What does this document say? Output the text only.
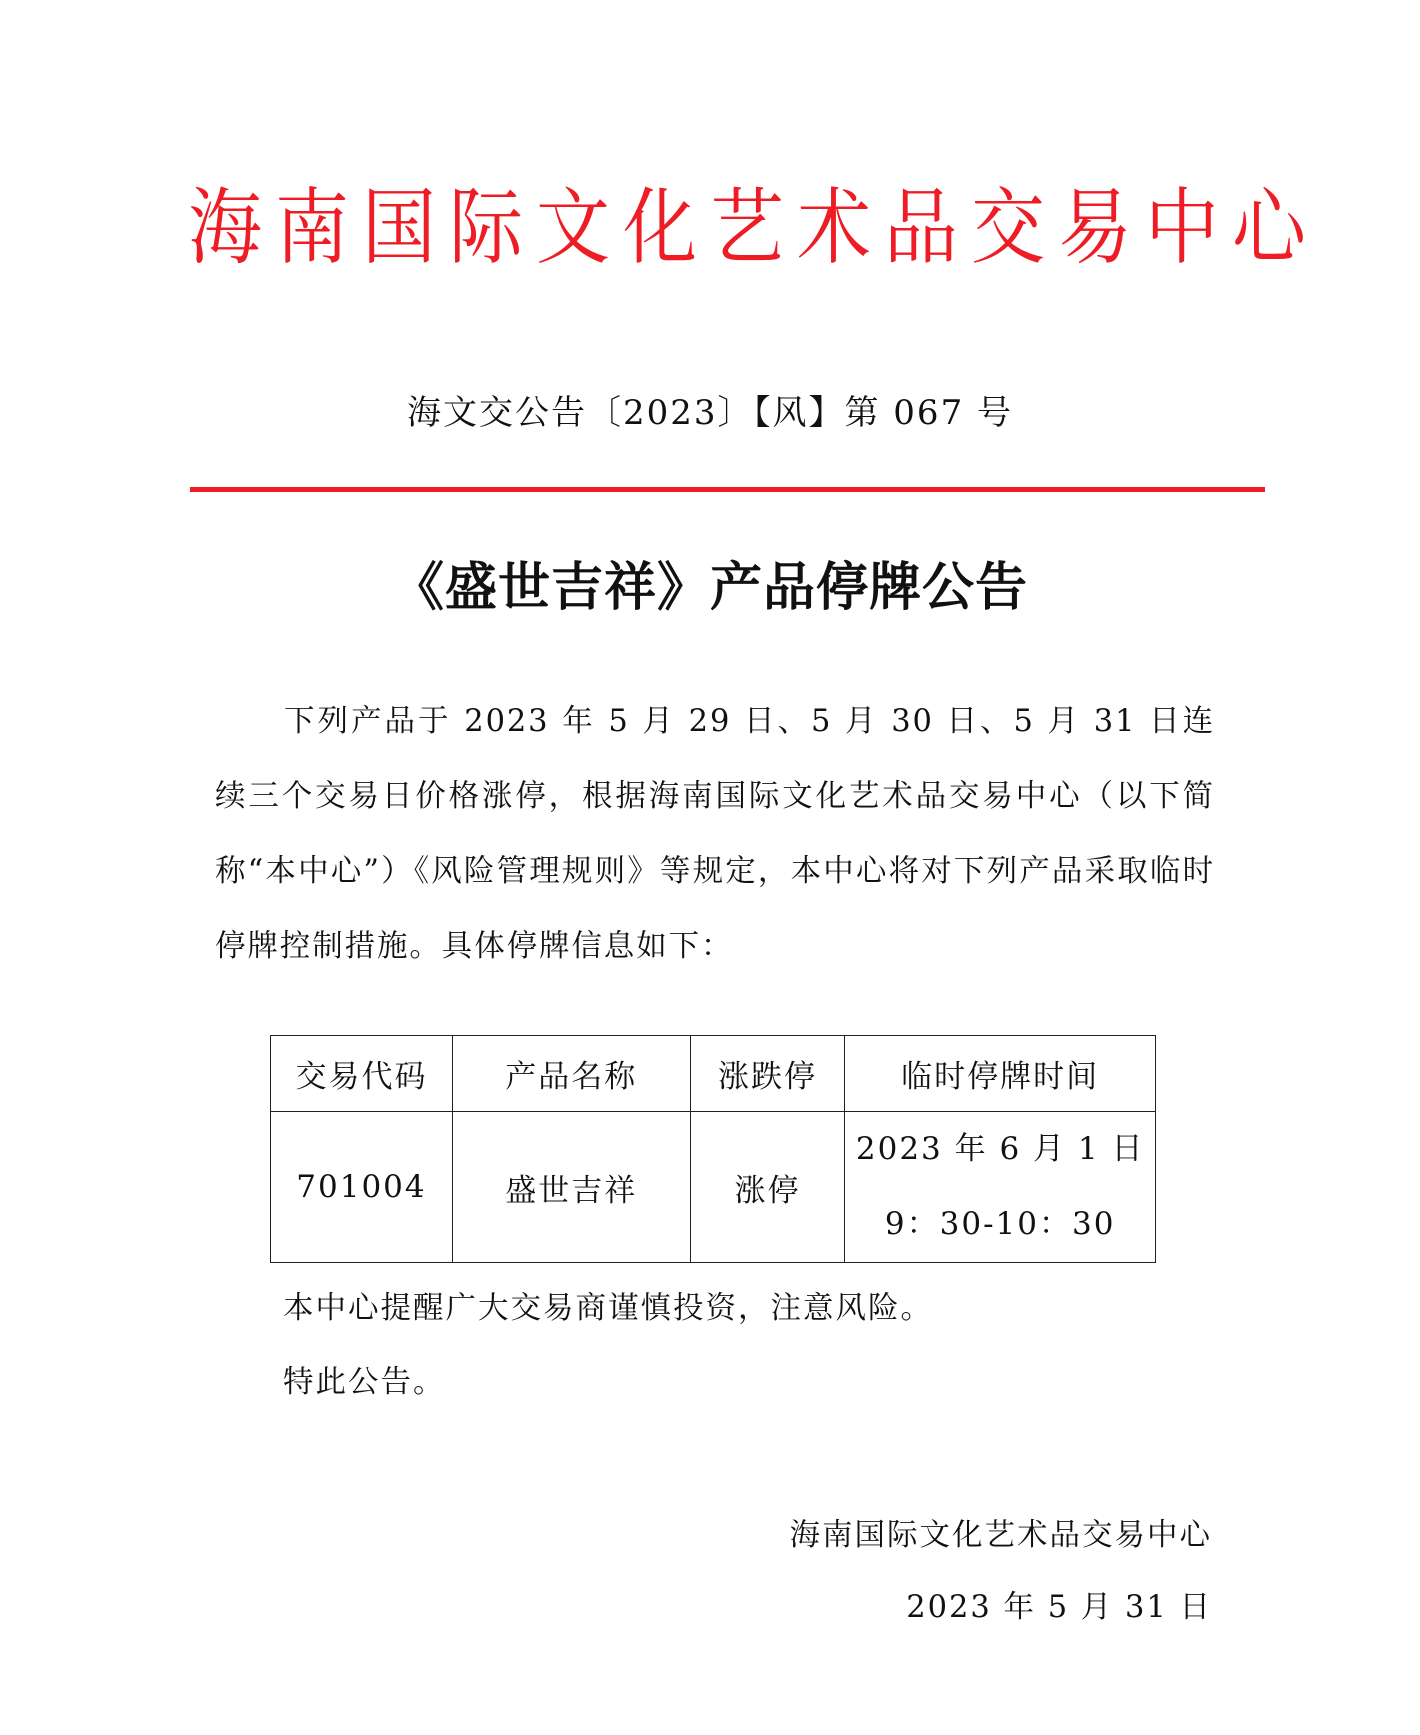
海南国际文化艺术品交易中心
海文交公告〔2023〕【风】第 067 号
《盛世吉祥》产品停牌公告

下列产品于 2023 年 5 月 29 日、5 月 30 日、5 月 31 日连续三个交易日价格涨停，根据海南国际文化艺术品交易中心（以下简称“本中心”）《风险管理规则》等规定，本中心将对下列产品采取临时停牌控制措施。具体停牌信息如下：

交易代码	产品名称	涨跌停	临时停牌时间
701004	盛世吉祥	涨停	2023 年 6 月 1 日
9：30-10：30

本中心提醒广大交易商谨慎投资，注意风险。

特此公告。

海南国际文化艺术品交易中心

2023 年 5 月 31 日
